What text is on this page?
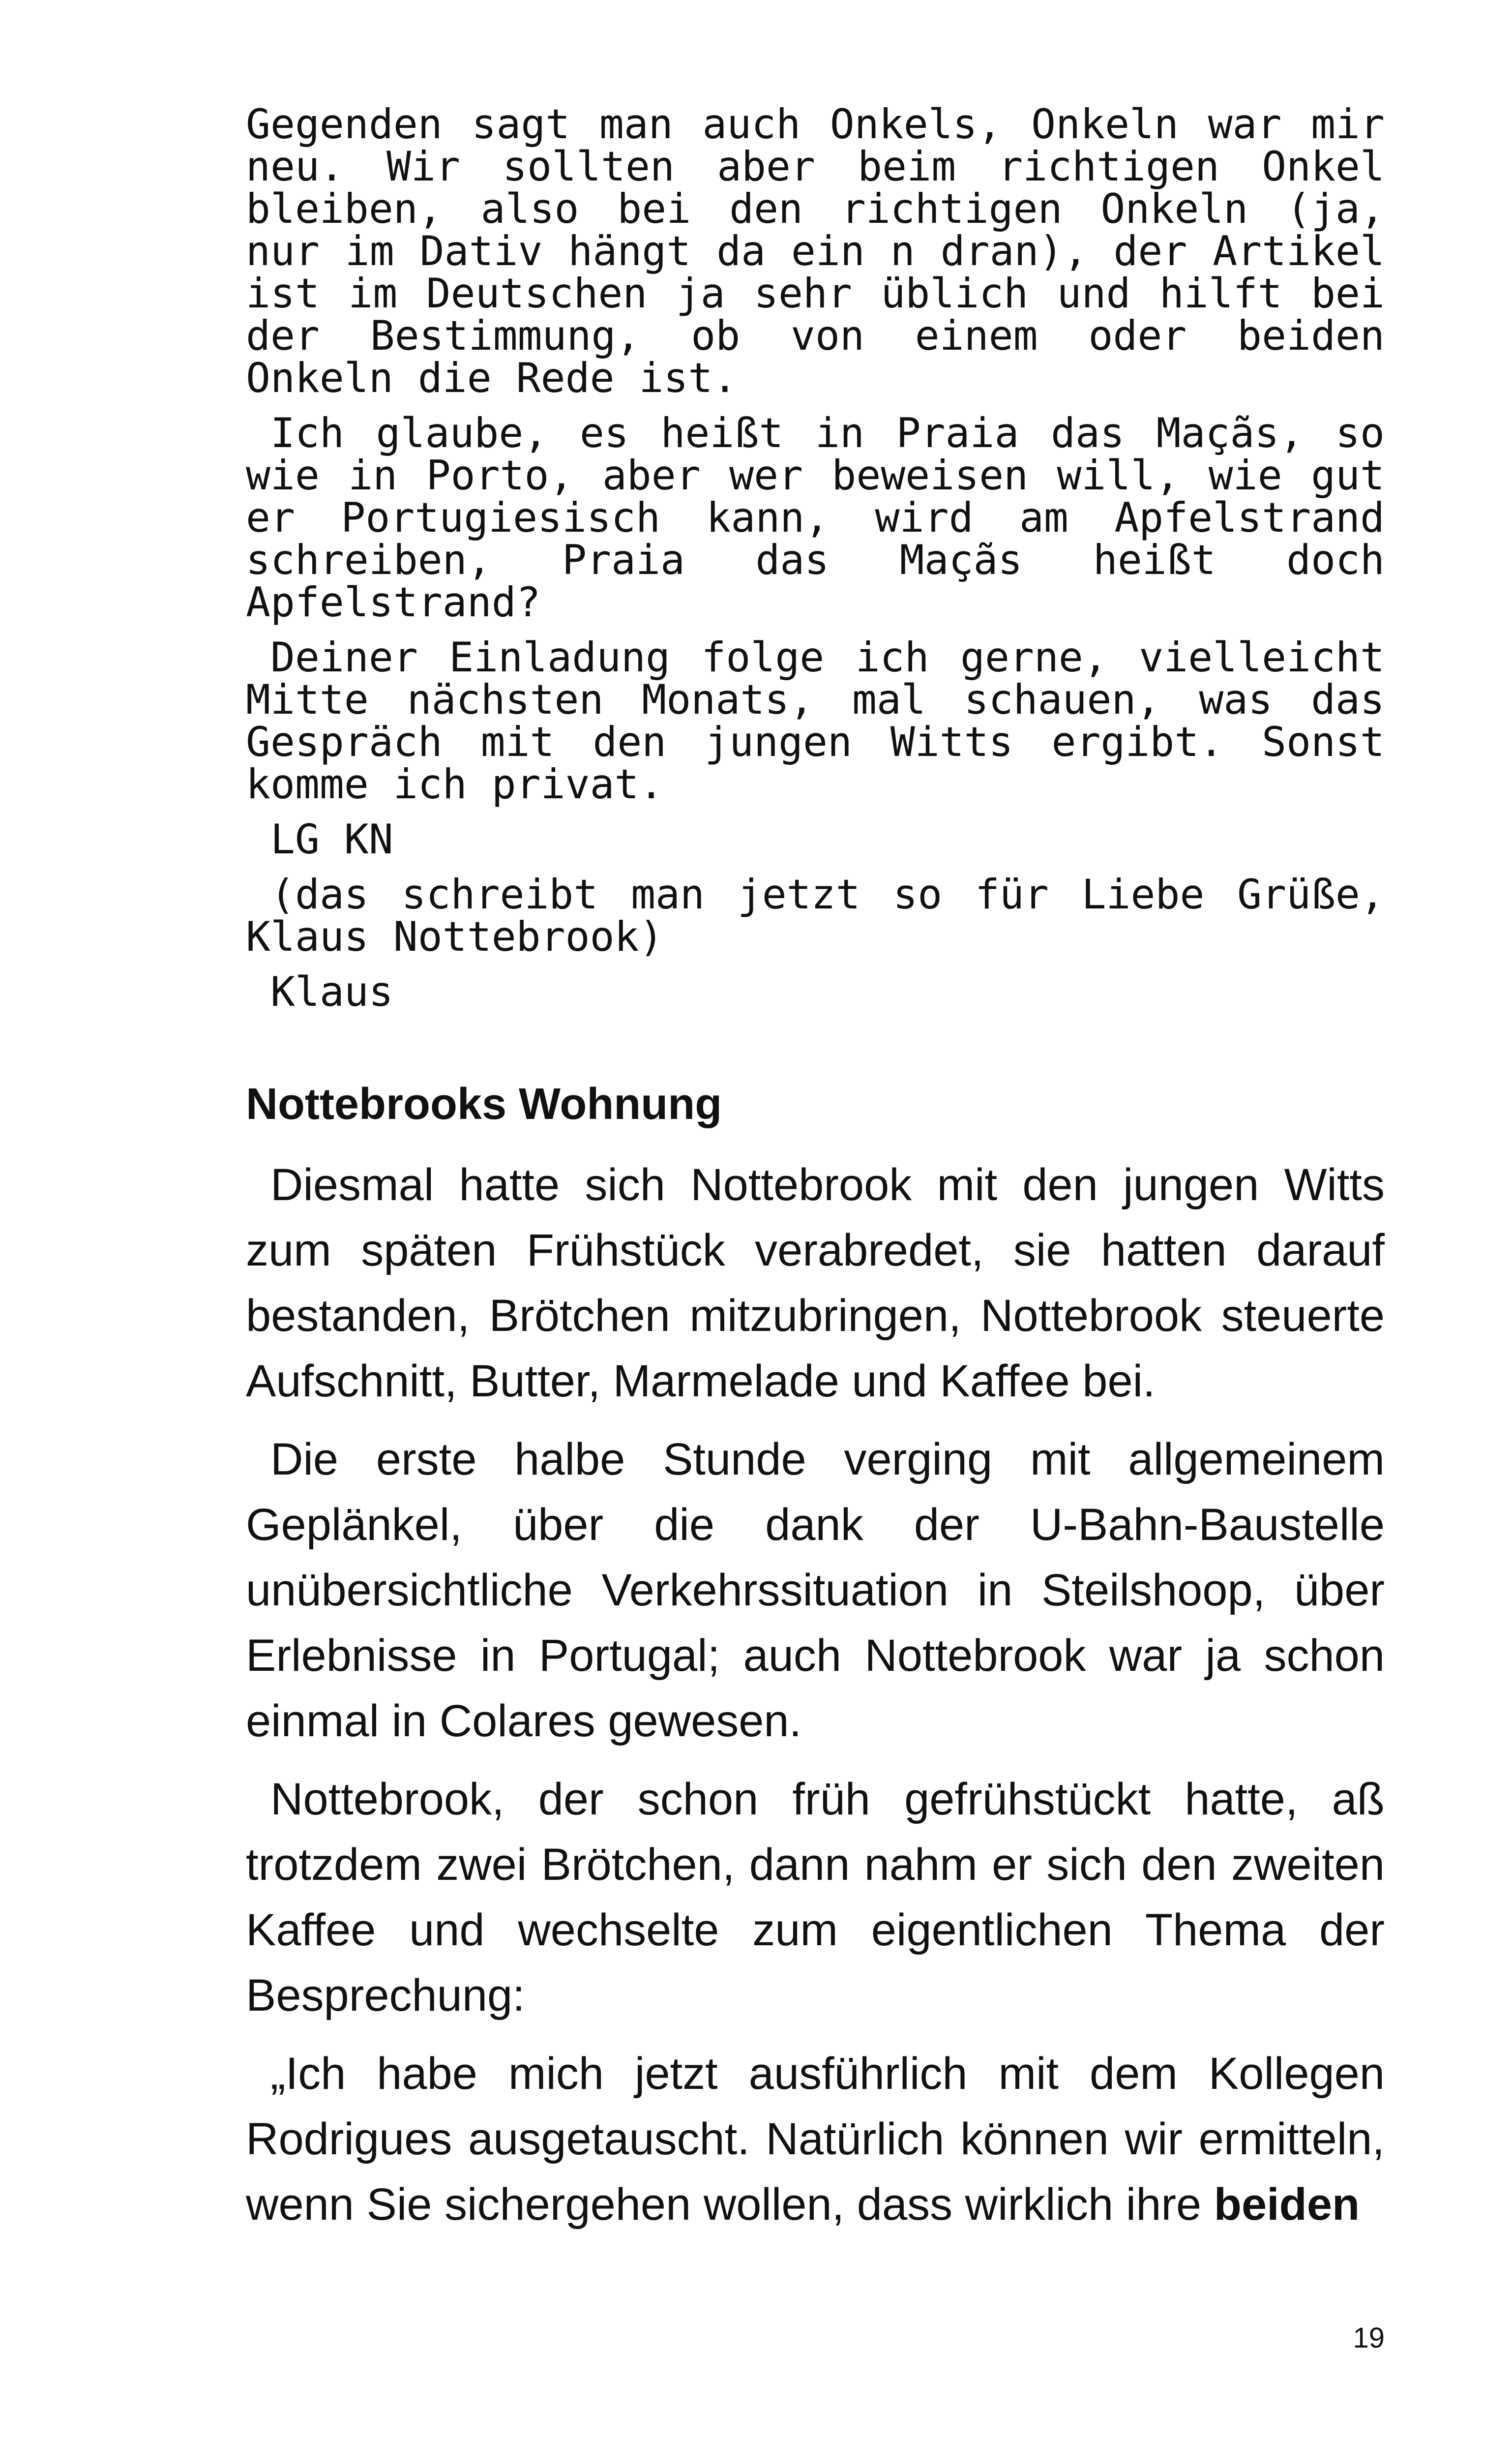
Gegenden sagt man auch Onkels, Onkeln war mir neu. Wir sollten aber beim richtigen Onkel bleiben, also bei den richtigen Onkeln (ja, nur im Dativ hängt da ein n dran), der Artikel ist im Deutschen ja sehr üblich und hilft bei der Bestimmung, ob von einem oder beiden Onkeln die Rede ist.

Ich glaube, es heißt in Praia das Maçãs, so wie in Porto, aber wer beweisen will, wie gut er Portugiesisch kann, wird am Apfelstrand schreiben, Praia das Maçãs heißt doch Apfelstrand?

Deiner Einladung folge ich gerne, vielleicht Mitte nächsten Monats, mal schauen, was das Gespräch mit den jungen Witts ergibt. Sonst komme ich privat.

LG KN

(das schreibt man jetzt so für Liebe Grüße, Klaus Nottebrook)

Klaus

Nottebrooks Wohnung

Diesmal hatte sich Nottebrook mit den jungen Witts zum späten Frühstück verabredet, sie hatten darauf bestanden, Brötchen mitzubringen, Nottebrook steuerte Aufschnitt, Butter, Marmelade und Kaffee bei.

Die erste halbe Stunde verging mit allgemeinem Geplänkel, über die dank der U-Bahn-Baustelle unübersichtliche Verkehrssituation in Steilshoop, über Erlebnisse in Portugal; auch Nottebrook war ja schon einmal in Colares gewesen.

Nottebrook, der schon früh gefrühstückt hatte, aß trotzdem zwei Brötchen, dann nahm er sich den zweiten Kaffee und wechselte zum eigentlichen Thema der Besprechung:

„Ich habe mich jetzt ausführlich mit dem Kollegen Rodrigues ausgetauscht. Natürlich können wir ermitteln, wenn Sie sichergehen wollen, dass wirklich ihre beiden

19
